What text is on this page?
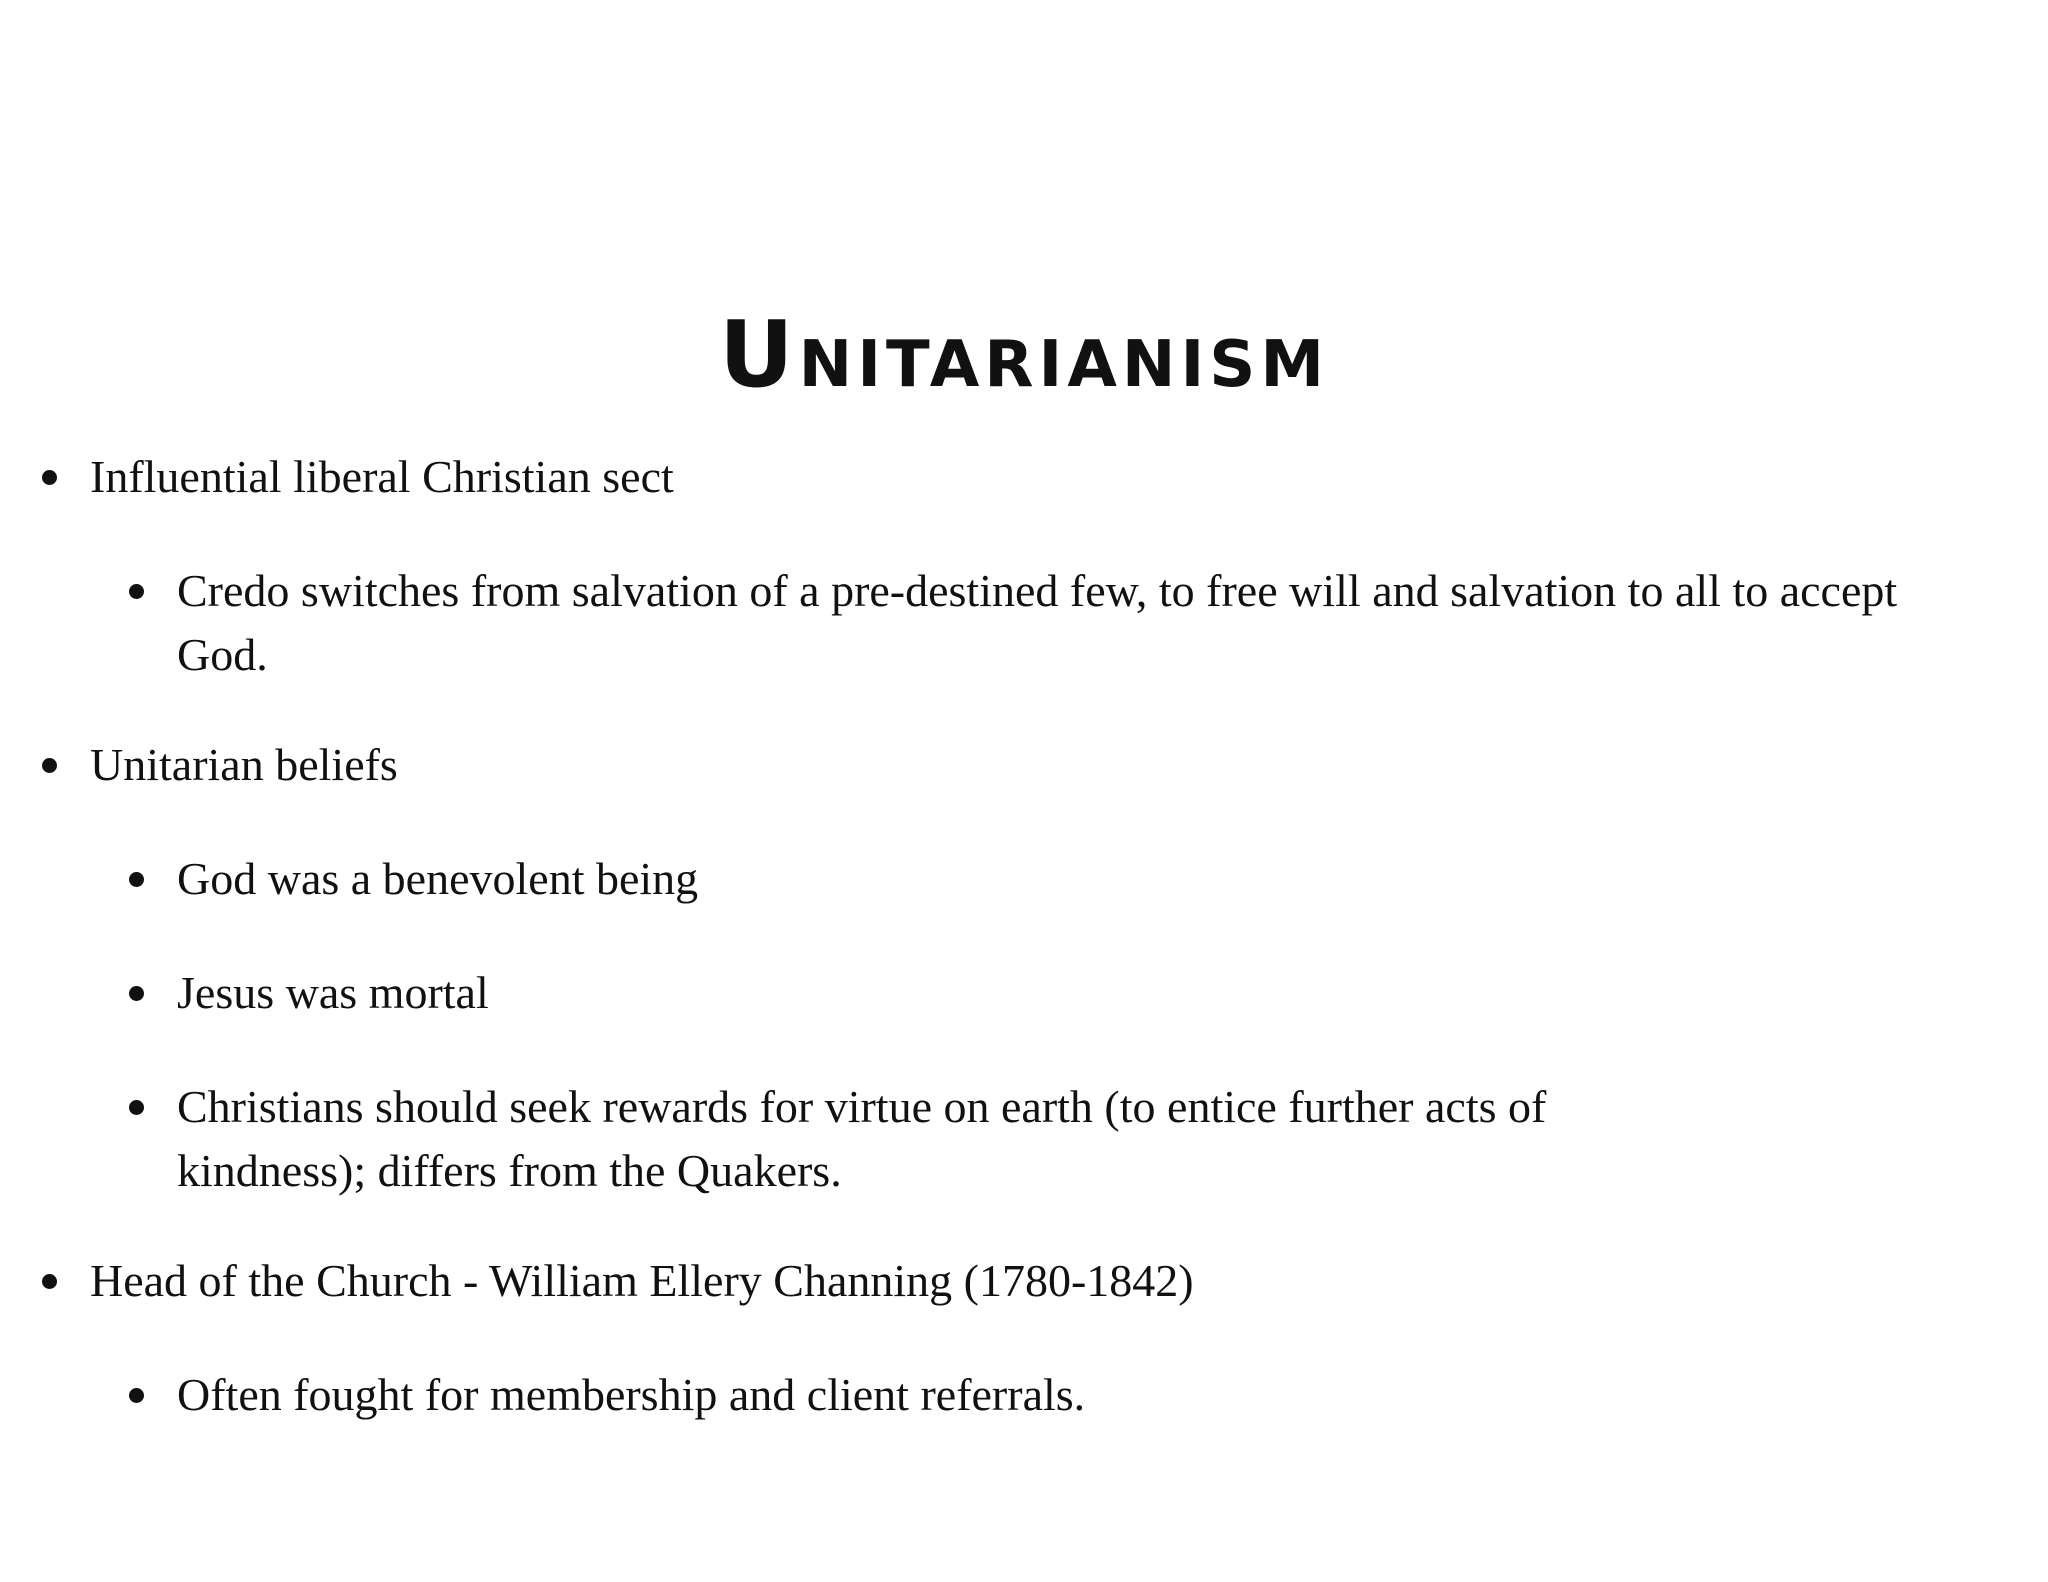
Unitarianism
Influential liberal Christian sect
Credo switches from salvation of a pre-destined few, to free will and salvation to all to accept God.
Unitarian beliefs
God was a benevolent being
Jesus was mortal
Christians should seek rewards for virtue on earth (to entice further acts of kindness); differs from the Quakers.
Head of the Church - William Ellery Channing (1780-1842)
Often fought for membership and client referrals.
